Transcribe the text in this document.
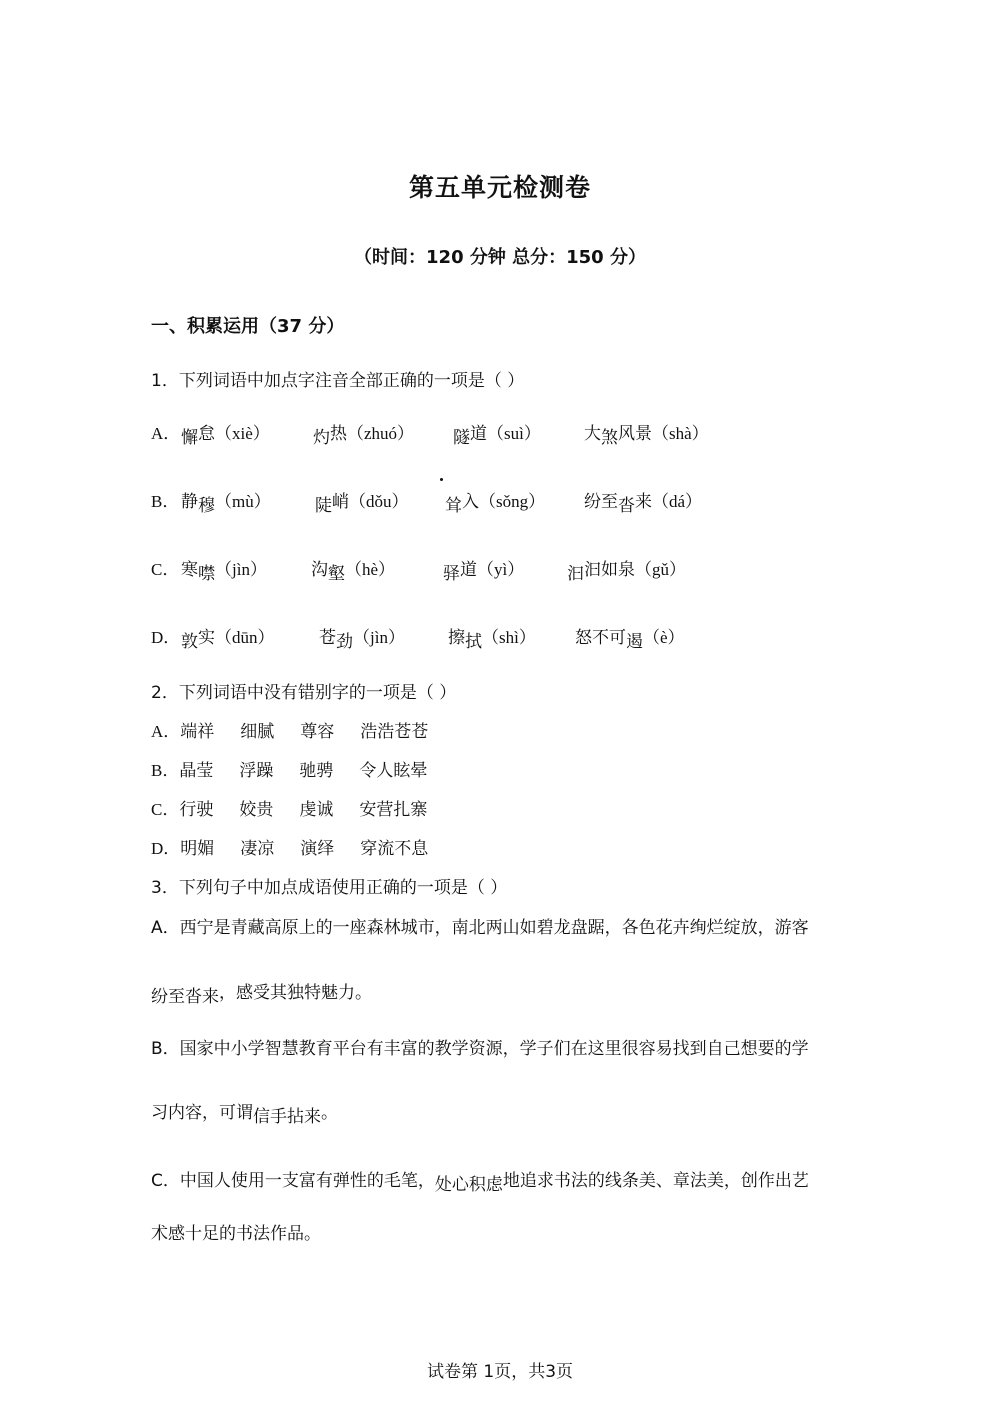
第五单元检测卷
（时间：120 分钟 总分：150 分）
一、积累运用（37 分）
1．下列词语中加点字注音全部正确的一项是（ ）
A． 懈怠（xiè）	灼热（zhuó） 隧道（suì）	大煞风景（shà）
B． 静穆（mù）	陡峭（dǒu） 耸入（sǒng） 纷至沓来（dá）
C． 寒噤（jìn）	沟壑（hè）	驿道（yì）	汩汩如泉（gǔ）
D． 敦实（dūn）	苍劲（jìn）	擦拭（shì） 怒不可遏（è）
2．下列词语中没有错别字的一项是（ ）
A．端祥 细腻 尊容 浩浩苍苍
B．晶莹 浮躁 驰骋 令人眩晕
C．行驶 姣贵 虔诚 安营扎寨
D．明媚 凄凉 演绎 穿流不息
3．下列句子中加点成语使用正确的一项是（ ）
A．西宁是青藏高原上的一座森林城市，南北两山如碧龙盘踞，各色花卉绚烂绽放，游客
纷至沓来，感受其独特魅力。
B．国家中小学智慧教育平台有丰富的教学资源，学子们在这里很容易找到自己想要的学
习内容，可谓信手拈来。
C．中国人使用一支富有弹性的毛笔，处心积虑地追求书法的线条美、章法美，创作出艺
术感十足的书法作品。
试卷第 1页，共3页
